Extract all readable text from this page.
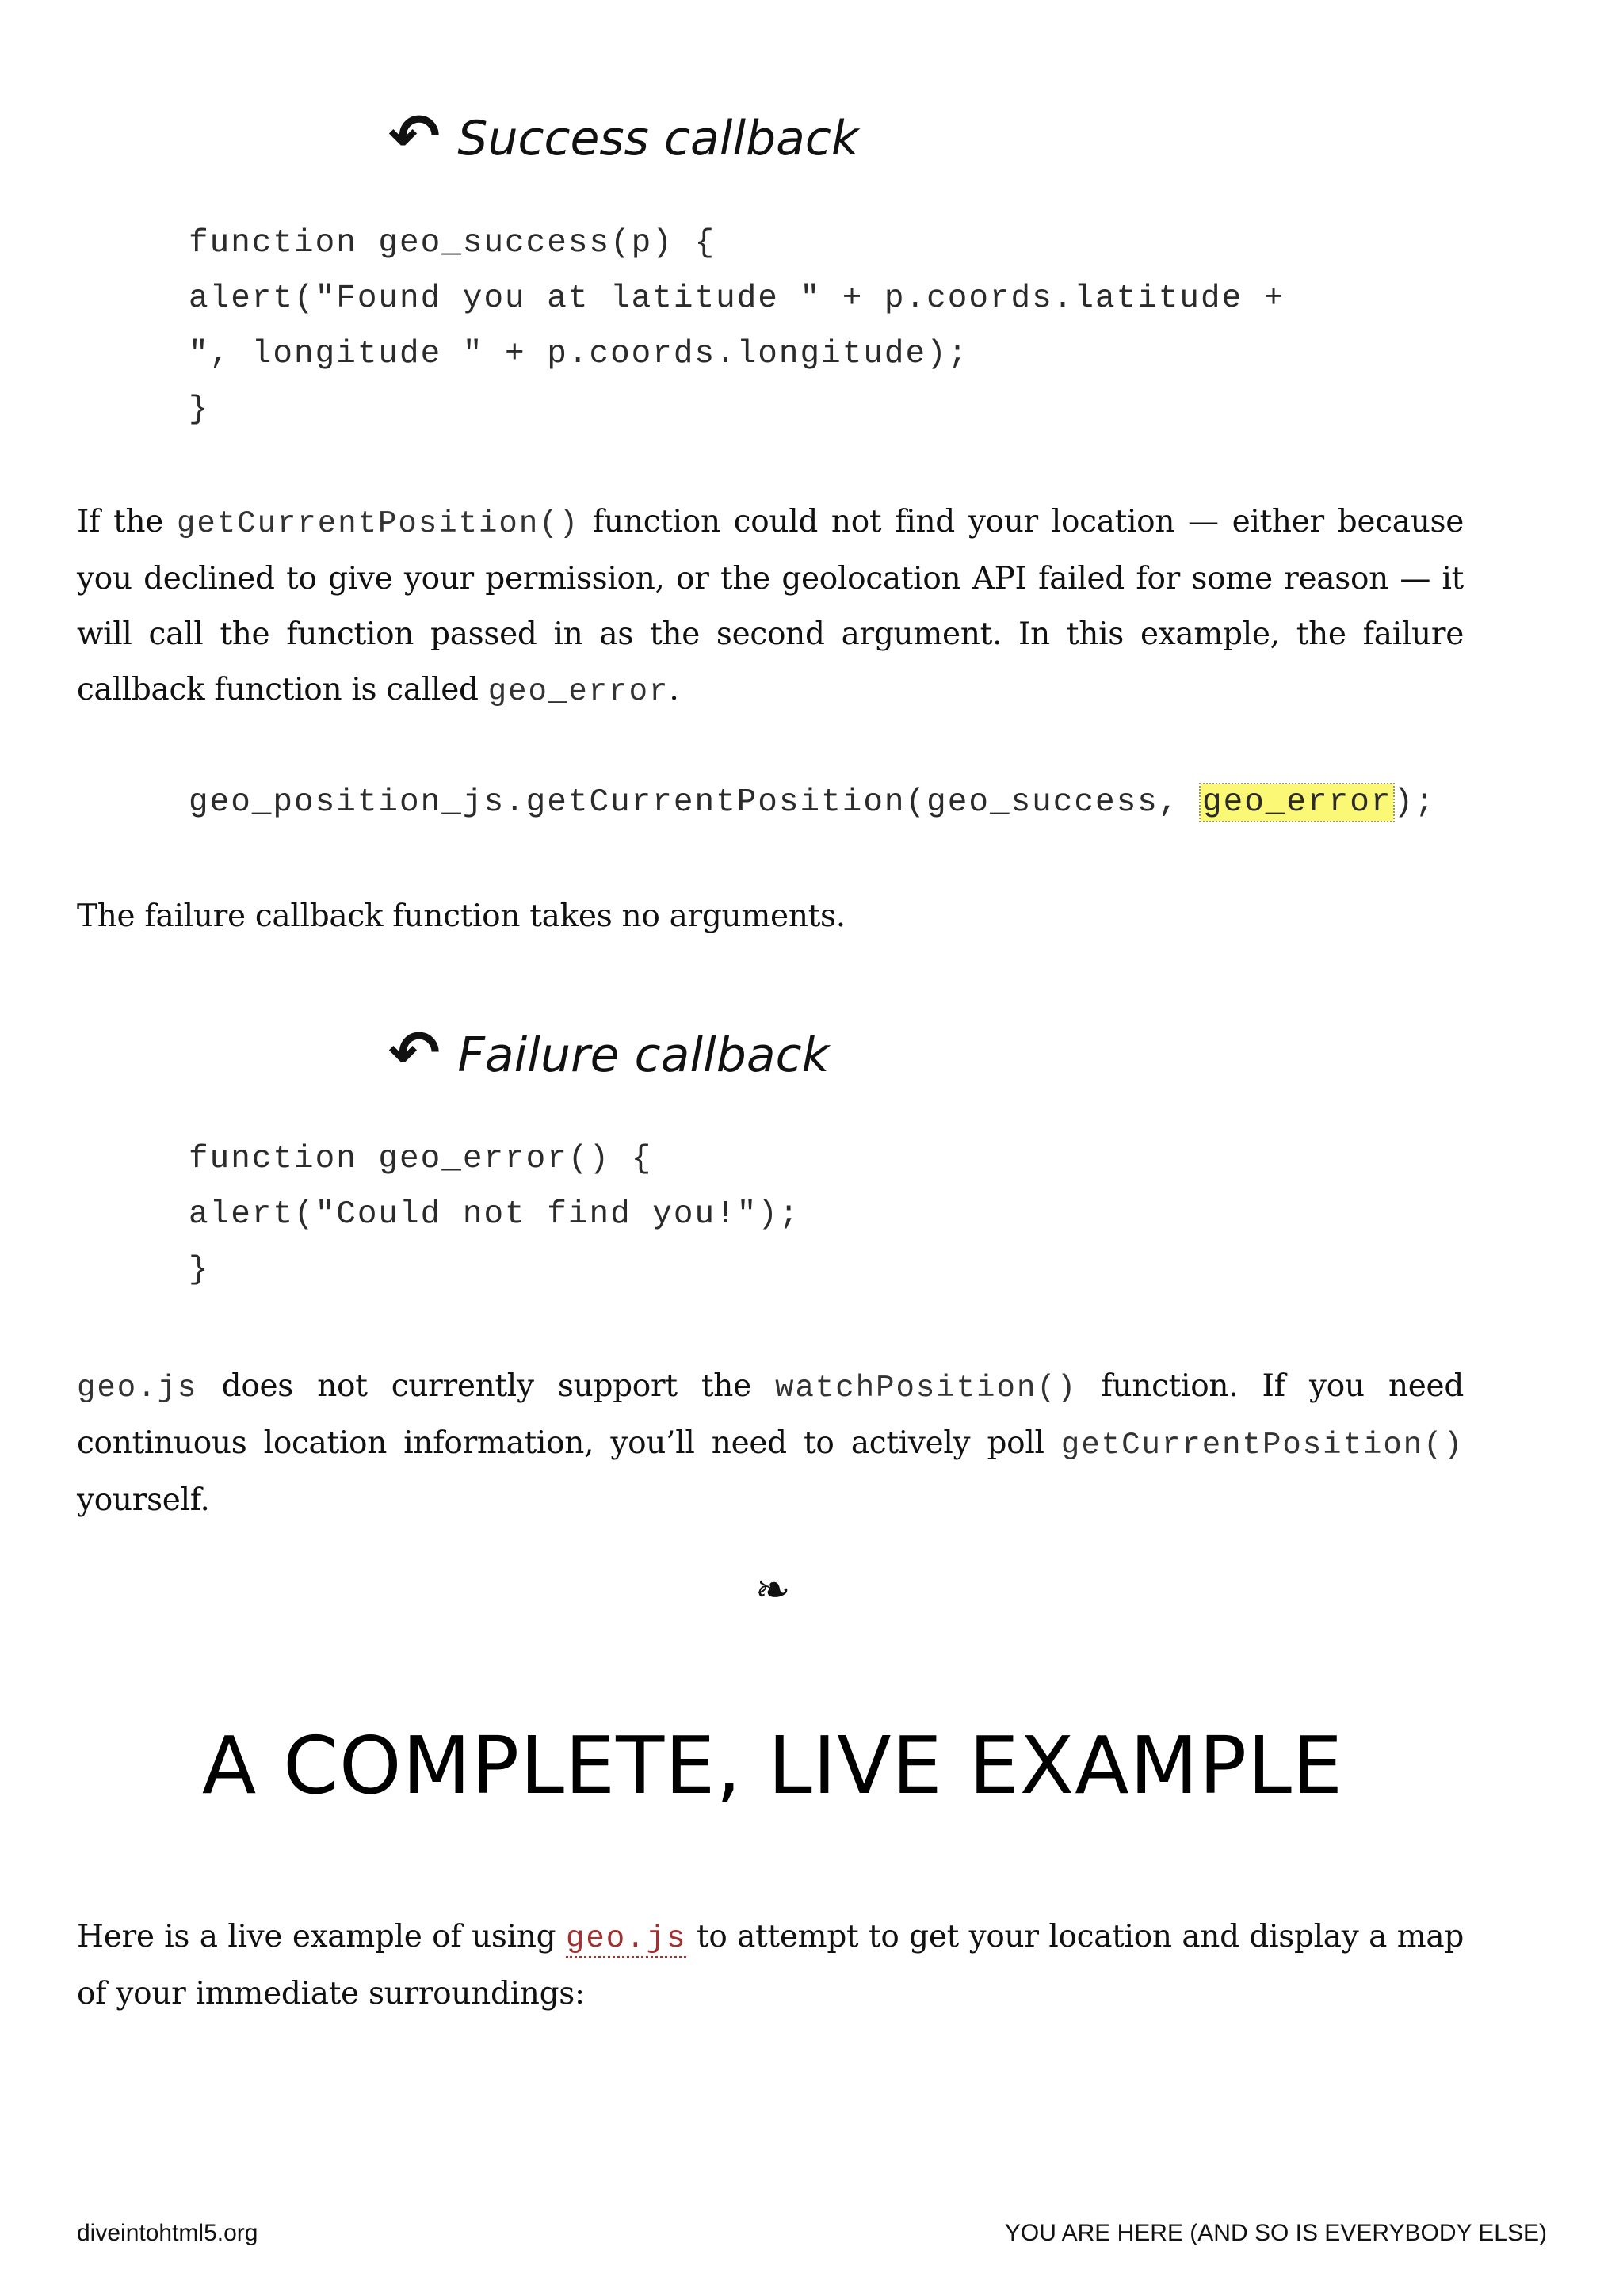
↶ Success callback
function geo_success(p) {
alert("Found you at latitude " + p.coords.latitude +
", longitude " + p.coords.longitude);
}

If the getCurrentPosition() function could not find your location — either because you declined to give your permission, or the geolocation API failed for some reason — it will call the function passed in as the second argument. In this example, the failure callback function is called geo_error.

geo_position_js.getCurrentPosition(geo_success, geo_error);

The failure callback function takes no arguments.

↶ Failure callback
function geo_error() {
alert("Could not find you!");
}

geo.js does not currently support the watchPosition() function. If you need continuous location information, you’ll need to actively poll getCurrentPosition() yourself.

❧
A COMPLETE, LIVE EXAMPLE

Here is a live example of using geo.js to attempt to get your location and display a map of your immediate surroundings:

diveintohtml5.org	YOU ARE HERE (AND SO IS EVERYBODY ELSE)
